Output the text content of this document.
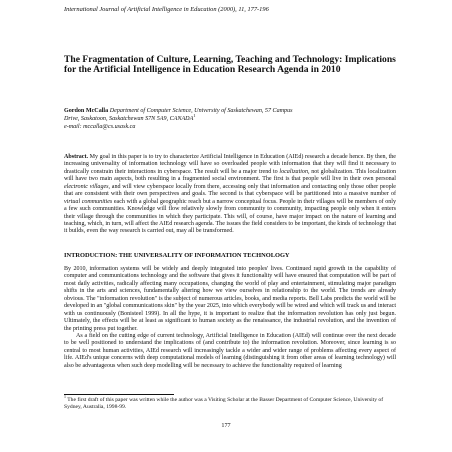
International Journal of Artificial Intelligence in Education (2000), 11, 177-196
The Fragmentation of Culture, Learning, Teaching and Technology: Implications for the Artificial Intelligence in Education Research Agenda in 2010
Gordon McCalla Department of Computer Science, University of Saskatchewan, 57 Campus
Drive, Saskatoon, Saskatchewan S7N 5A9, CANADA$^1$
e-mail: mccalla@cs.usask.ca

Abstract. My goal in this paper is to try to characterize Artificial Intelligence in Education (AIEd) research a decade hence. By then, the increasing universality of information technology will have so overloaded people with information that they will find it necessary to drastically constrain their interactions in cyberspace. The result will be a major trend to localization, not globalization. This localization will have two main aspects, both resulting in a fragmented social environment. The first is that people will live in their own personal electronic villages, and will view cyberspace locally from there, accessing only that information and contacting only those other people that are consistent with their own perspectives and goals. The second is that cyberspace will be partitioned into a massive number of virtual communities each with a global geographic reach but a narrow conceptual focus. People in their villages will be members of only a few such communities. Knowledge will flow relatively slowly from community to community, impacting people only when it enters their village through the communities in which they participate. This will, of course, have major impact on the nature of learning and teaching, which, in turn, will affect the AIEd research agenda. The issues the field considers to be important, the kinds of technology that it builds, even the way research is carried out, may all be transformed.

INTRODUCTION: THE UNIVERSALITY OF INFORMATION TECHNOLOGY

By 2010, information systems will be widely and deeply integrated into peoples' lives. Continued rapid growth in the capability of computer and communications technology and the software that gives it functionality will have ensured that computation will be part of most daily activities, radically affecting many occupations, changing the world of play and entertainment, stimulating major paradigm shifts in the arts and sciences, fundamentally altering how we view ourselves in relationship to the world. The trends are already obvious. The "information revolution" is the subject of numerous articles, books, and media reports. Bell Labs predicts the world will be developed in an "global communications skin" by the year 2025, into which everybody will be wired and which will track us and interact with us continuously (Bonisteel 1999). In all the hype, it is important to realize that the information revolution has only just begun. Ultimately, the effects will be at least as significant to human society as the renaissance, the industrial revolution, and the invention of the printing press put together.

As a field on the cutting edge of current technology, Artificial Intelligence in Education (AIEd) will continue over the next decade to be well positioned to understand the implications of (and contribute to) the information revolution. Moreover, since learning is so central to most human activities, AIEd research will increasingly tackle a wider and wider range of problems affecting every aspect of life. AIEd's unique concerns with deep computational models of learning (distinguishing it from other areas of learning technology) will also be advantageous when such deep modelling will be necessary to achieve the functionality required of learning

$^1$ The first draft of this paper was written while the author was a Visiting Scholar at the Basser Department of Computer Science, University of Sydney, Australia, 1998-99.
177
